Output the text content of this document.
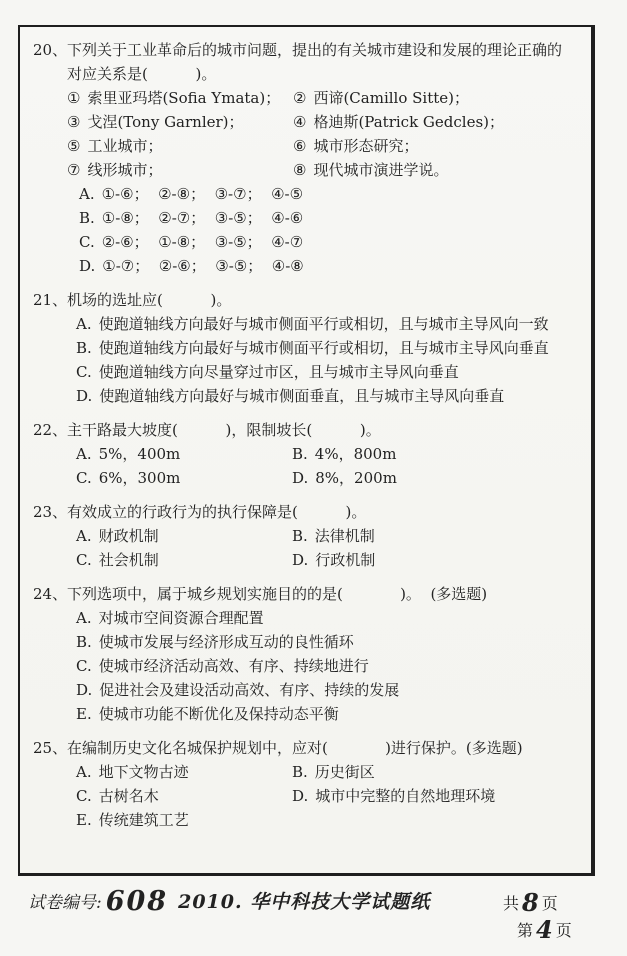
20、 下列关于工业革命后的城市问题，提出的有关城市建设和发展的理论正确的
对应关系是(          )。
① 索里亚玛塔(Sofia Ymata)； ② 西谛(Camillo Sitte)；
③ 戈涅(Tony Garnler)；	④ 格迪斯(Patrick Gedcles)；
⑤ 工业城市；	⑥ 城市形态研究；
⑦ 线形城市；	⑧ 现代城市演进学说。
A. ①-⑥；  ②-⑧；  ③-⑦；  ④-⑤
B. ①-⑧；  ②-⑦；  ③-⑤；  ④-⑥
C. ②-⑥；  ①-⑧；  ③-⑤；  ④-⑦
D. ①-⑦；  ②-⑥；  ③-⑤；  ④-⑧
21、 机场的选址应(          )。
A. 使跑道轴线方向最好与城市侧面平行或相切，且与城市主导风向一致
B. 使跑道轴线方向最好与城市侧面平行或相切，且与城市主导风向垂直
C. 使跑道轴线方向尽量穿过市区，且与城市主导风向垂直
D. 使跑道轴线方向最好与城市侧面垂直，且与城市主导风向垂直
22、 主干路最大坡度(          )，限制坡长(          )。
A. 5%，400m	B. 4%，800m
C. 6%，300m	D. 8%，200m
23、 有效成立的行政行为的执行保障是(          )。
A. 财政机制	B. 法律机制
C. 社会机制	D. 行政机制
24、 下列选项中，属于城乡规划实施目的的是(            )。  (多选题)
A. 对城市空间资源合理配置
B. 使城市发展与经济形成互动的良性循环
C. 使城市经济活动高效、有序、持续地进行
D. 促进社会及建设活动高效、有序、持续的发展
E. 使城市功能不断优化及保持动态平衡
25、 在编制历史文化名城保护规划中，应对(            )进行保护。(多选题)
A. 地下文物古迹	B. 历史街区
C. 古树名木	D. 城市中完整的自然地理环境
E. 传统建筑工艺
试卷编号: 608 2010. 华中科技大学试题纸	共 8 页
第 4 页
